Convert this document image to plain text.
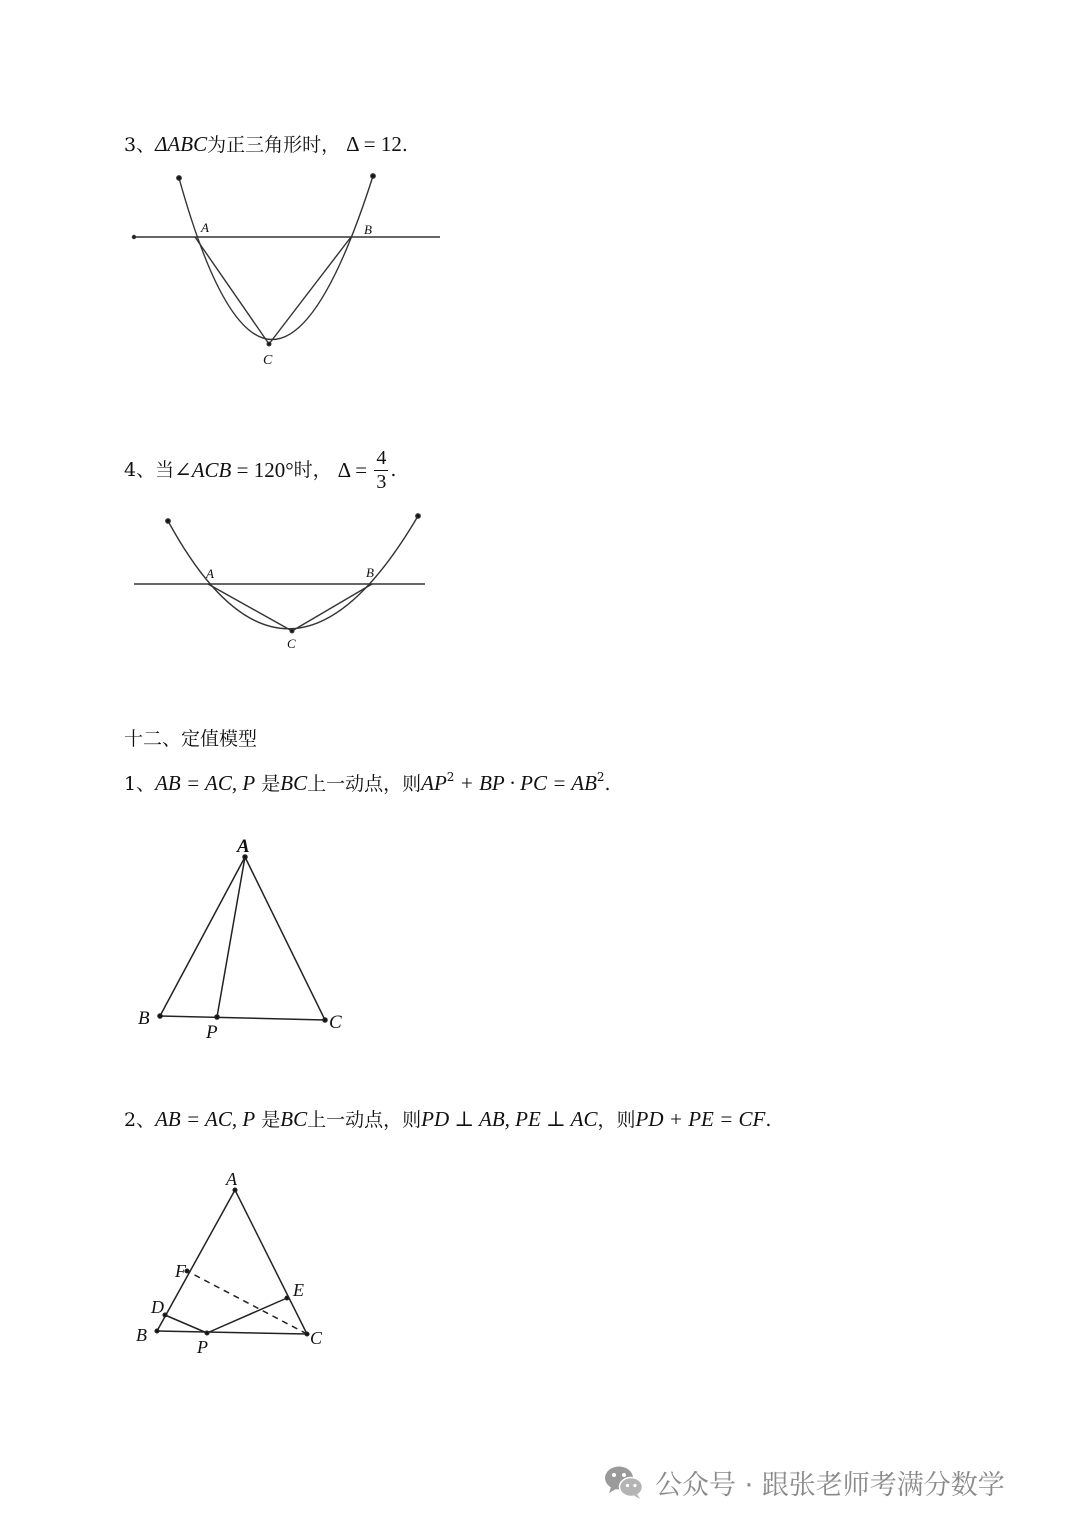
3、ΔABC为正三角形时， Δ = 12.
4、当∠ACB = 120°时， $\Delta = \frac{4}{3}$ .
十二、定值模型
1、AB = AC, P 是BC上一动点，则$AP^2$ + BP · PC = $AB^2$.
2、AB = AC, P 是BC上一动点，则PD ⊥ AB, PE ⊥ AC，则PD + PE = CF.
A	B
C
A	B
C
A
B	C
P
A
B	C
D
E
F
P
公众号 · 跟张老师考满分数学
